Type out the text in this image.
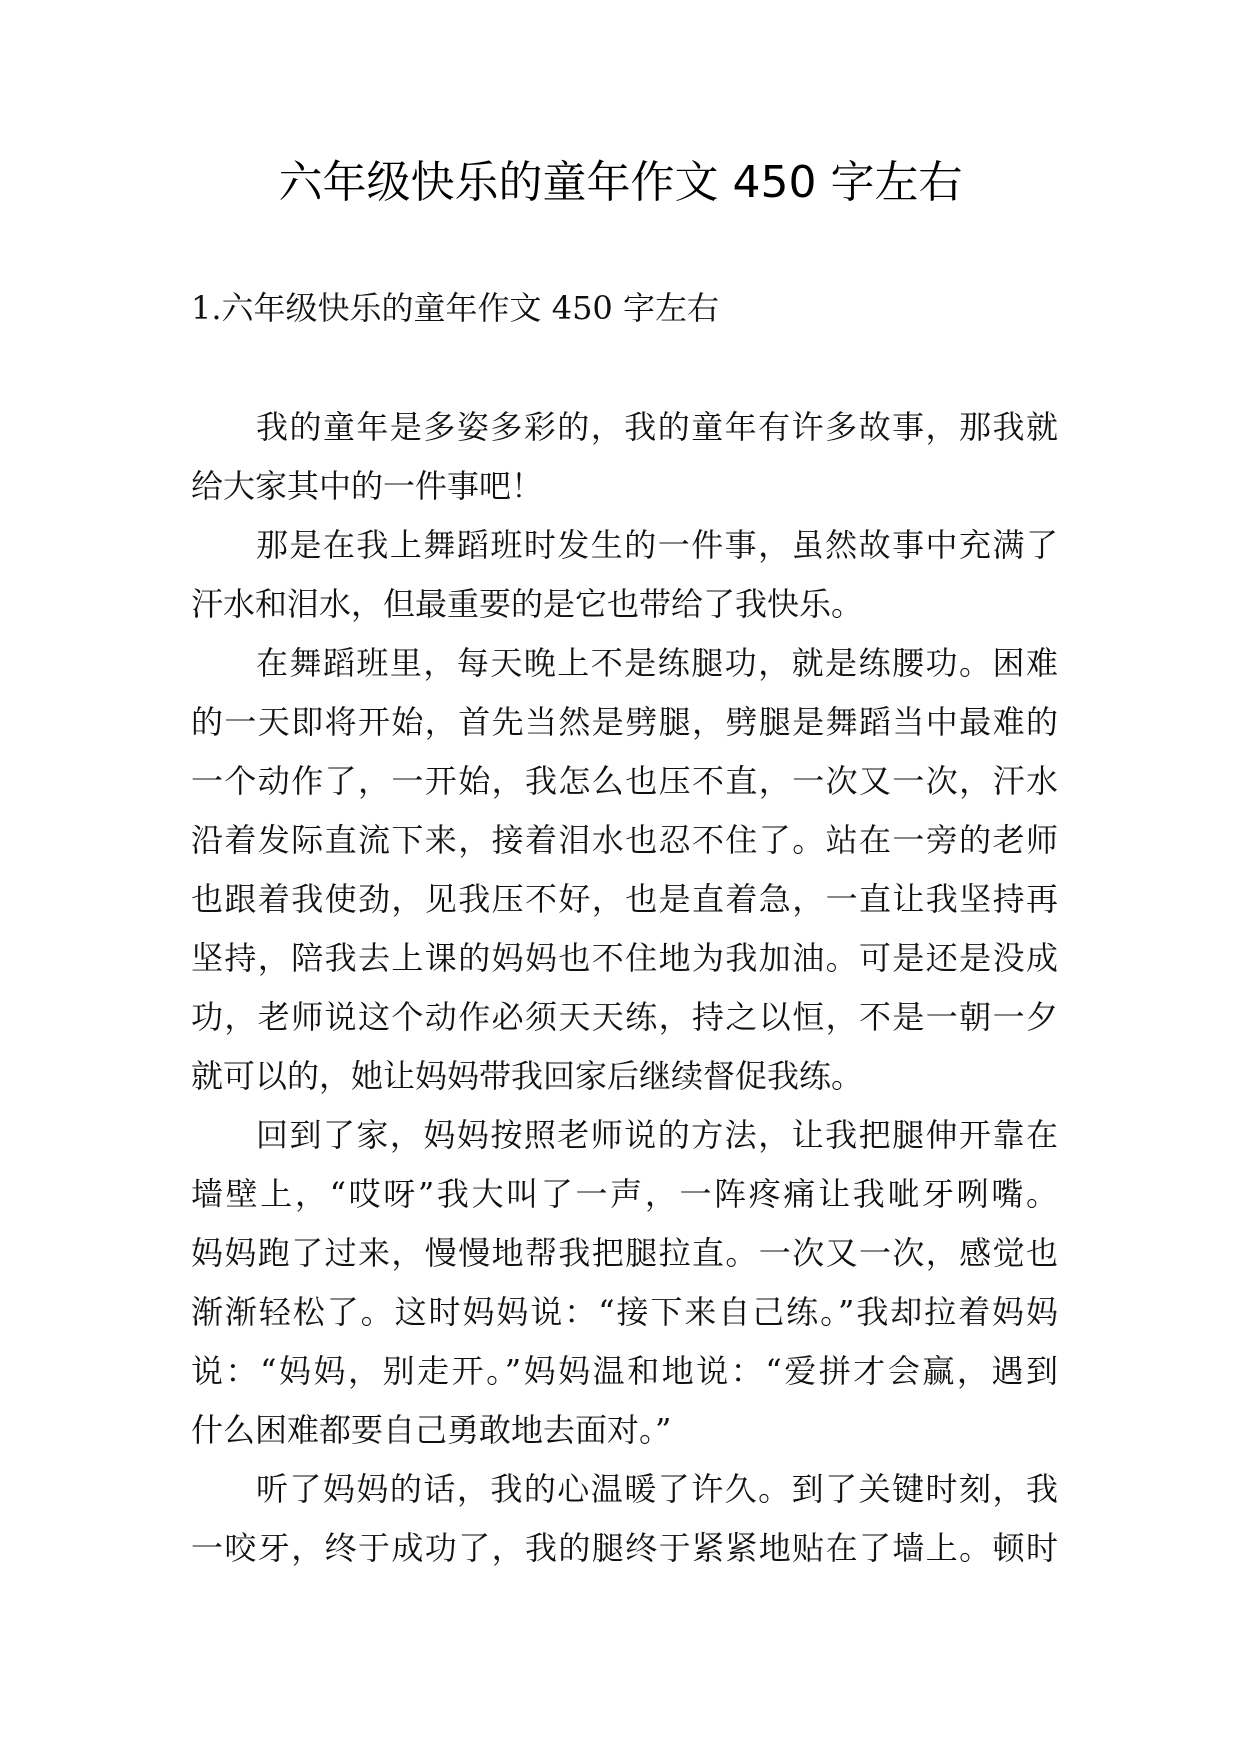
六年级快乐的童年作文 450 字左右
1.六年级快乐的童年作文 450 字左右
我的童年是多姿多彩的，我的童年有许多故事，那我就
给大家其中的一件事吧！
那是在我上舞蹈班时发生的一件事，虽然故事中充满了
汗水和泪水，但最重要的是它也带给了我快乐。
在舞蹈班里，每天晚上不是练腿功，就是练腰功。困难
的一天即将开始，首先当然是劈腿，劈腿是舞蹈当中最难的
一个动作了，一开始，我怎么也压不直，一次又一次，汗水
沿着发际直流下来，接着泪水也忍不住了。站在一旁的老师
也跟着我使劲，见我压不好，也是直着急，一直让我坚持再
坚持，陪我去上课的妈妈也不住地为我加油。可是还是没成
功，老师说这个动作必须天天练，持之以恒，不是一朝一夕
就可以的，她让妈妈带我回家后继续督促我练。
回到了家，妈妈按照老师说的方法，让我把腿伸开靠在
墙壁上，“哎呀”我大叫了一声，一阵疼痛让我呲牙咧嘴。
妈妈跑了过来，慢慢地帮我把腿拉直。一次又一次，感觉也
渐渐轻松了。这时妈妈说：“接下来自己练。”我却拉着妈妈
说：“妈妈，别走开。”妈妈温和地说：“爱拼才会赢，遇到
什么困难都要自己勇敢地去面对。”
听了妈妈的话，我的心温暖了许久。到了关键时刻，我
一咬牙，终于成功了，我的腿终于紧紧地贴在了墙上。顿时
